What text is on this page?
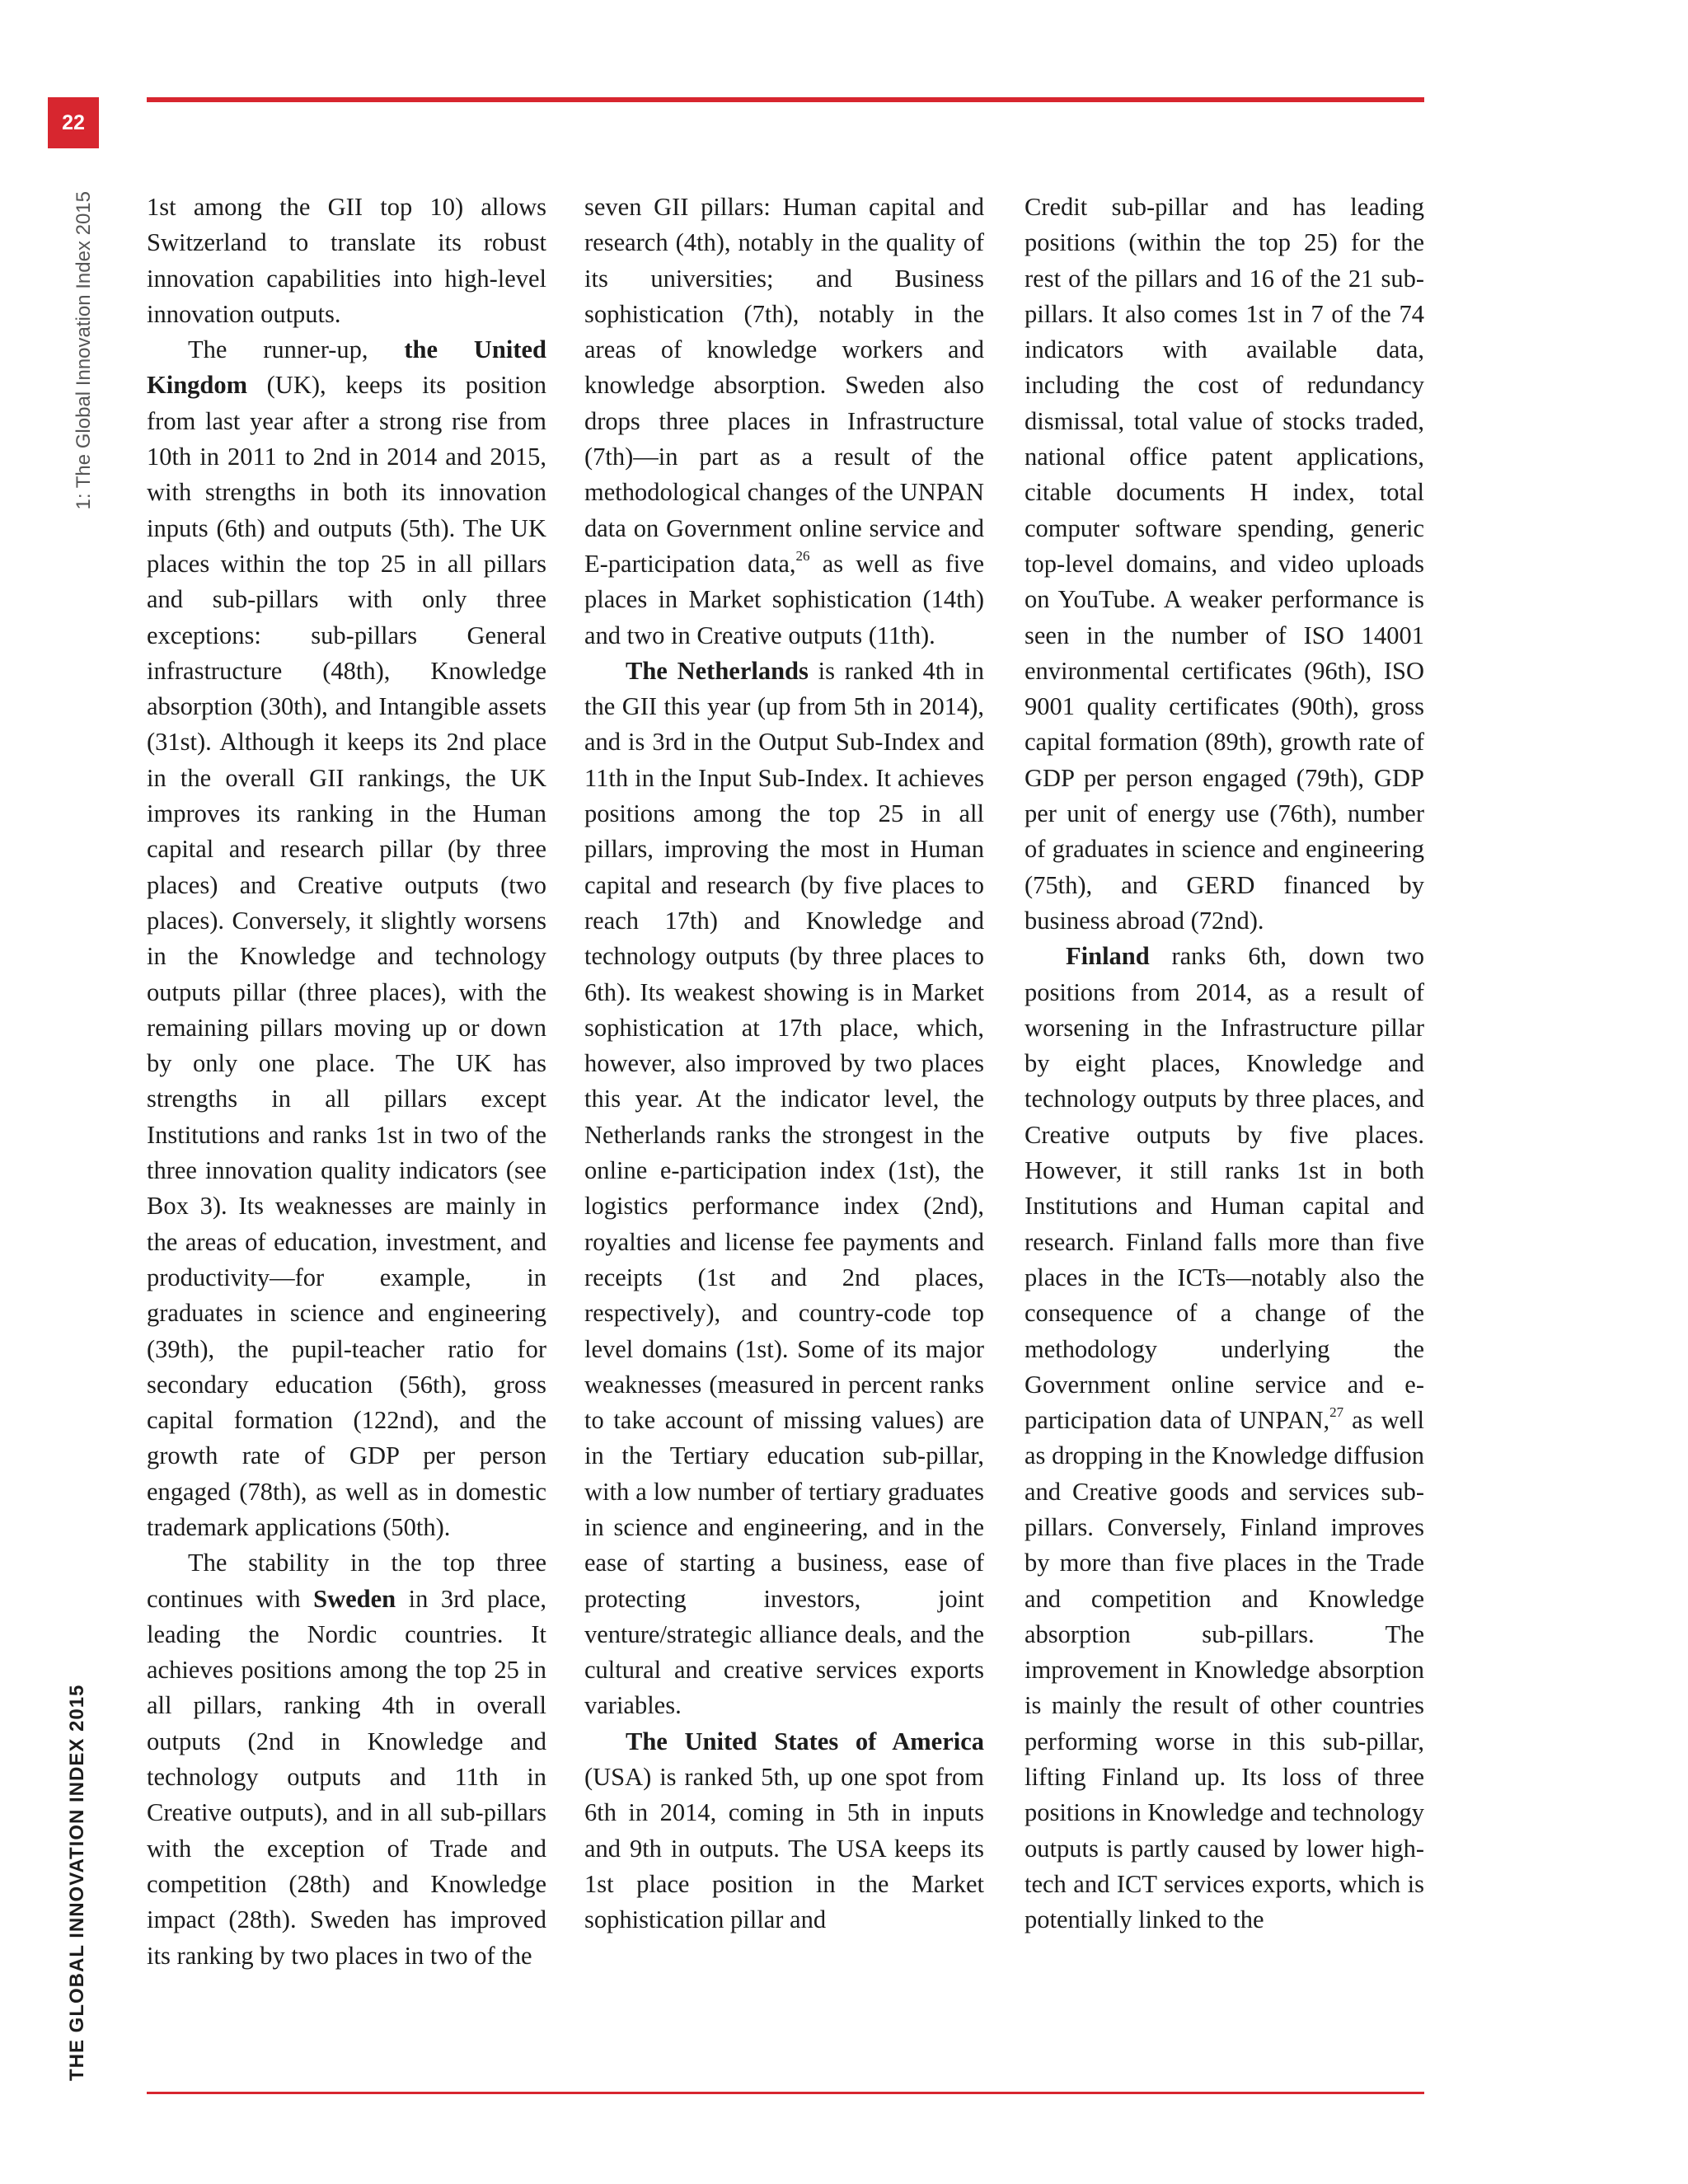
22
1: The Global Innovation Index 2015
THE GLOBAL INNOVATION INDEX 2015

1st among the GII top 10) allows Switzerland to translate its robust innovation capabilities into high-level innovation outputs.

The runner-up, the United Kingdom (UK), keeps its position from last year after a strong rise from 10th in 2011 to 2nd in 2014 and 2015, with strengths in both its innovation inputs (6th) and outputs (5th). The UK places within the top 25 in all pillars and sub-pillars with only three exceptions: sub-pillars General infrastructure (48th), Knowledge absorption (30th), and Intangible assets (31st). Although it keeps its 2nd place in the overall GII rankings, the UK improves its ranking in the Human capital and research pillar (by three places) and Creative outputs (two places). Conversely, it slightly worsens in the Knowledge and technology outputs pillar (three places), with the remaining pillars moving up or down by only one place. The UK has strengths in all pillars except Institutions and ranks 1st in two of the three innovation quality indicators (see Box 3). Its weaknesses are mainly in the areas of education, investment, and productivity—for example, in graduates in science and engineering (39th), the pupil-teacher ratio for secondary education (56th), gross capital formation (122nd), and the growth rate of GDP per person engaged (78th), as well as in domestic trademark applications (50th).

The stability in the top three continues with Sweden in 3rd place, leading the Nordic countries. It achieves positions among the top 25 in all pillars, ranking 4th in overall outputs (2nd in Knowledge and technology outputs and 11th in Creative outputs), and in all sub-pillars with the exception of Trade and competition (28th) and Knowledge impact (28th). Sweden has improved its ranking by two places in two of the

seven GII pillars: Human capital and research (4th), notably in the quality of its universities; and Business sophistication (7th), notably in the areas of knowledge workers and knowledge absorption. Sweden also drops three places in Infrastructure (7th)—in part as a result of the methodological changes of the UNPAN data on Government online service and E-participation data,$^{26}$ as well as five places in Market sophistication (14th) and two in Creative outputs (11th).

The Netherlands is ranked 4th in the GII this year (up from 5th in 2014), and is 3rd in the Output Sub-Index and 11th in the Input Sub-Index. It achieves positions among the top 25 in all pillars, improving the most in Human capital and research (by five places to reach 17th) and Knowledge and technology outputs (by three places to 6th). Its weakest showing is in Market sophistication at 17th place, which, however, also improved by two places this year. At the indicator level, the Netherlands ranks the strongest in the online e-participation index (1st), the logistics performance index (2nd), royalties and license fee payments and receipts (1st and 2nd places, respectively), and country-code top level domains (1st). Some of its major weaknesses (measured in percent ranks to take account of missing values) are in the Tertiary education sub-pillar, with a low number of tertiary graduates in science and engineering, and in the ease of starting a business, ease of protecting investors, joint venture/strategic alliance deals, and the cultural and creative services exports variables.

The United States of America (USA) is ranked 5th, up one spot from 6th in 2014, coming in 5th in inputs and 9th in outputs. The USA keeps its 1st place position in the Market sophistication pillar and

Credit sub-pillar and has leading positions (within the top 25) for the rest of the pillars and 16 of the 21 sub-pillars. It also comes 1st in 7 of the 74 indicators with available data, including the cost of redundancy dismissal, total value of stocks traded, national office patent applications, citable documents H index, total computer software spending, generic top-level domains, and video uploads on YouTube. A weaker performance is seen in the number of ISO 14001 environmental certificates (96th), ISO 9001 quality certificates (90th), gross capital formation (89th), growth rate of GDP per person engaged (79th), GDP per unit of energy use (76th), number of graduates in science and engineering (75th), and GERD financed by business abroad (72nd).

Finland ranks 6th, down two positions from 2014, as a result of worsening in the Infrastructure pillar by eight places, Knowledge and technology outputs by three places, and Creative outputs by five places. However, it still ranks 1st in both Institutions and Human capital and research. Finland falls more than five places in the ICTs—notably also the consequence of a change of the methodology underlying the Government online service and e-participation data of UNPAN,$^{27}$ as well as dropping in the Knowledge diffusion and Creative goods and services sub-pillars. Conversely, Finland improves by more than five places in the Trade and competition and Knowledge absorption sub-pillars. The improvement in Knowledge absorption is mainly the result of other countries performing worse in this sub-pillar, lifting Finland up. Its loss of three positions in Knowledge and technology outputs is partly caused by lower high-tech and ICT services exports, which is potentially linked to the
